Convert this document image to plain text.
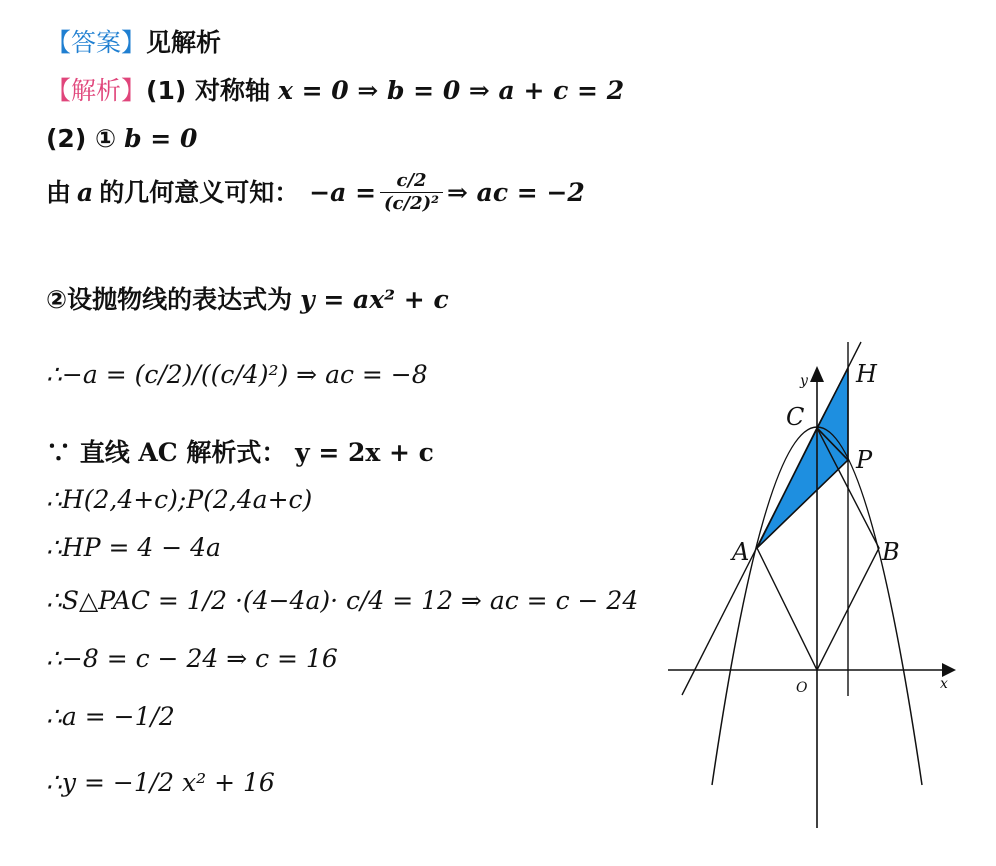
【答案】 见解析
【解析】 (1) 对称轴 x = 0 ⇒ b = 0 ⇒ a + c = 2
(2) ① b = 0
由 a 的几何意义可知： $-a = \frac{c/2}{\text{(c/2)²}}$ ⇒ ac = −2
②设抛物线的表达式为 y = ax² + c
∴−a = (c/2)/((c/4)²) ⇒ ac = −8
∵ 直线 AC 解析式： y = 2x + c
∴H(2,4+c);P(2,4a+c)
∴HP = 4 − 4a
∴S△PAC = 1/2 ·(4−4a)· c/4 = 12 ⇒ ac = c − 24
∴−8 = c − 24 ⇒ c = 16
∴a = −1/2
∴y = −1/2 x² + 16
H
C
P
A	B
O	x
y
